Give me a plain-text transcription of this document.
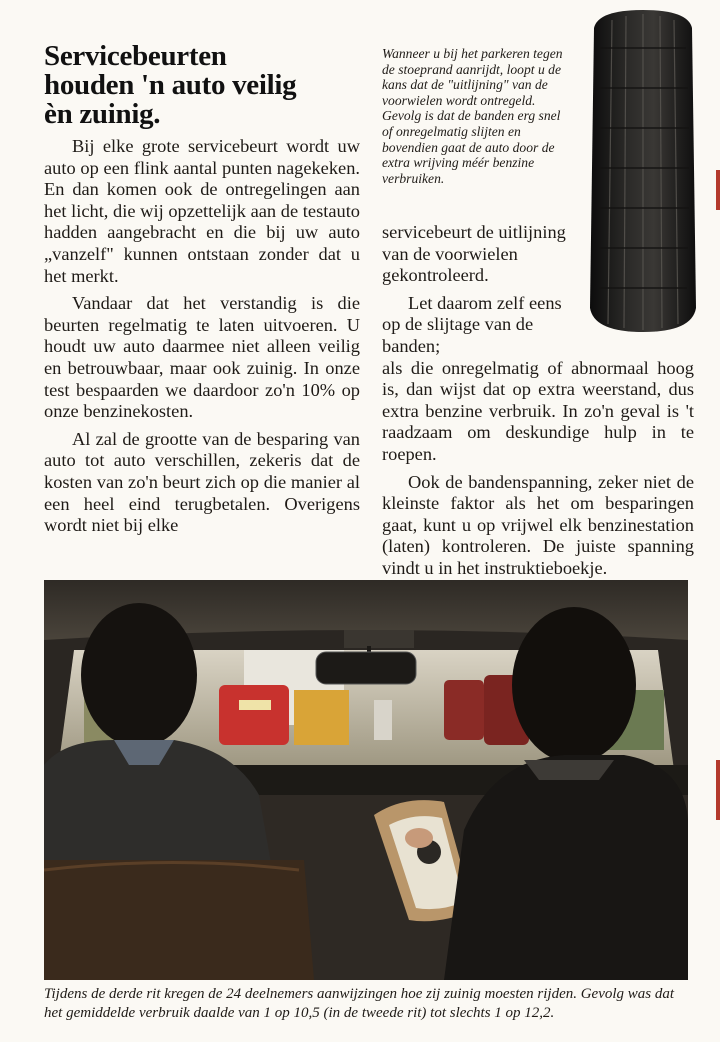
Servicebeurten
houden 'n auto veilig
èn zuinig.

Bij elke grote servicebeurt wordt uw auto op een flink aantal punten nagekeken. En dan komen ook de ontregelingen aan het licht, die wij opzettelijk aan de testauto hadden aangebracht en die bij uw auto „vanzelf" kunnen ontstaan zonder dat u het merkt.

Vandaar dat het verstandig is die beurten regelmatig te laten uitvoeren. U houdt uw auto daarmee niet alleen veilig en betrouwbaar, maar ook zuinig. In onze test bespaarden we daardoor zo'n 10% op onze benzinekosten.

Al zal de grootte van de besparing van auto tot auto verschillen, zekeris dat de kosten van zo'n beurt zich op die manier al een heel eind terugbetalen. Overigens wordt niet bij elke

Wanneer u bij het parkeren tegen de stoeprand aanrijdt, loopt u de kans dat de "uitlijning" van de voorwielen wordt ontregeld. Gevolg is dat de banden erg snel of onregelmatig slijten en bovendien gaat de auto door de extra wrijving méér benzine verbruiken.

servicebeurt de uitlijning van de voorwielen gekontroleerd.

Let daarom zelf eens op de slijtage van de banden;

als die onregelmatig of abnormaal hoog is, dan wijst dat op extra weerstand, dus extra benzine verbruik. In zo'n geval is 't raadzaam om deskundige hulp in te roepen.

Ook de bandenspanning, zeker niet de kleinste faktor als het om besparingen gaat, kunt u op vrijwel elk benzinestation (laten) kontroleren. De juiste spanning vindt u in het instruktieboekje.

Tijdens de derde rit kregen de 24 deelnemers aanwijzingen hoe zij zuinig moesten rijden. Gevolg was dat het gemiddelde verbruik daalde van 1 op 10,5 (in de tweede rit) tot slechts 1 op 12,2.
